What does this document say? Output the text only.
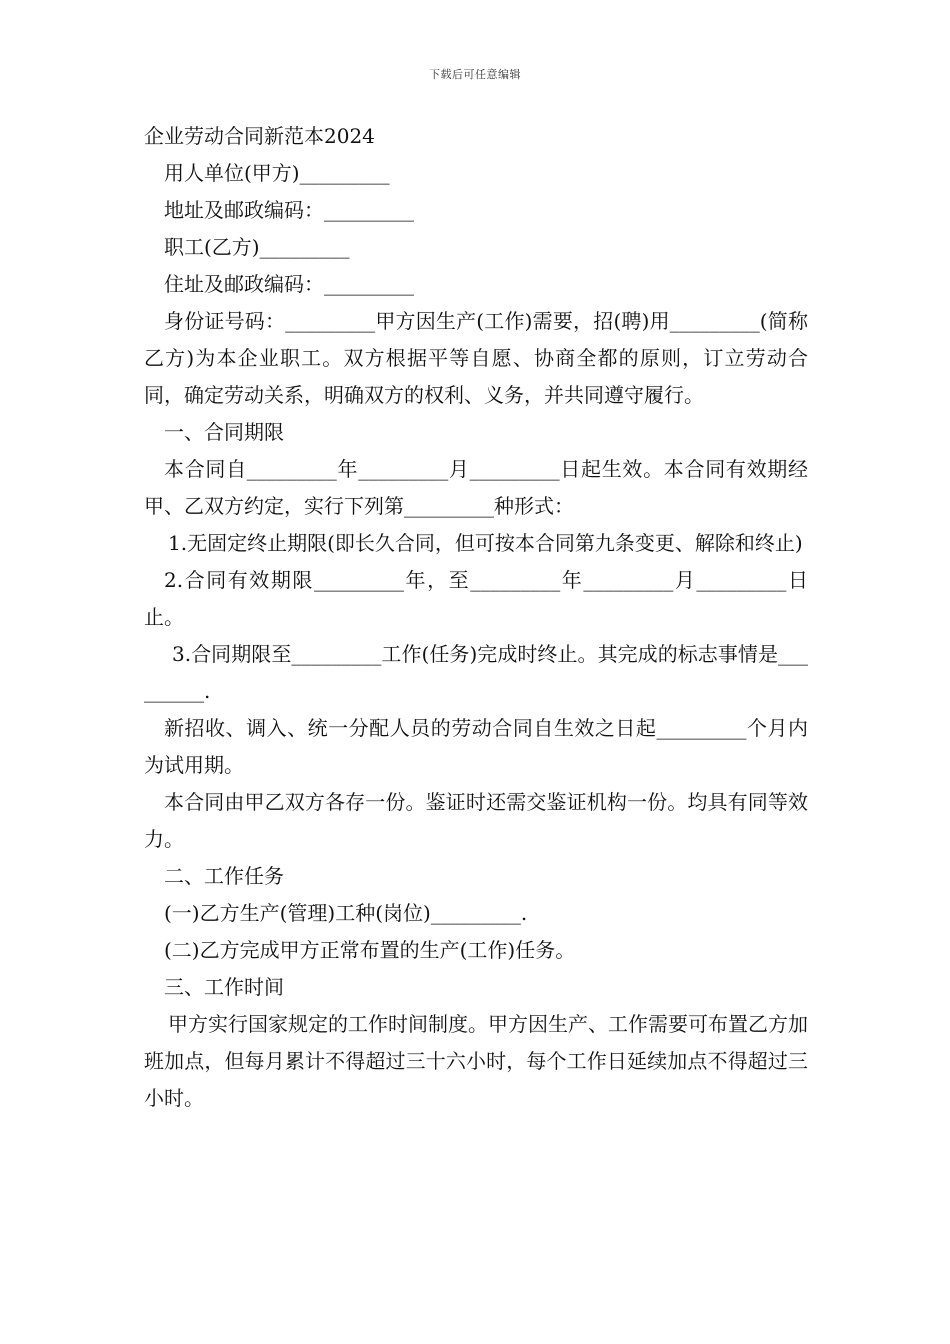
下载后可任意编辑
企业劳动合同新范本2024

用人单位(甲方)_________

地址及邮政编码：_________

职工(乙方)_________

住址及邮政编码：_________

身份证号码：_________甲方因生产(工作)需要，招(聘)用_________(简称乙方)为本企业职工。双方根据平等自愿、协商全都的原则，订立劳动合同，确定劳动关系，明确双方的权利、义务，并共同遵守履行。

一、合同期限

本合同自_________年_________月_________日起生效。本合同有效期经甲、乙双方约定，实行下列第_________种形式：

1.无固定终止期限(即长久合同，但可按本合同第九条变更、解除和终止)

2.合同有效期限_________年，至_________年_________月_________日止。

3.合同期限至_________工作(任务)完成时终止。其完成的标志事情是_________.

新招收、调入、统一分配人员的劳动合同自生效之日起_________个月内为试用期。

本合同由甲乙双方各存一份。鉴证时还需交鉴证机构一份。均具有同等效力。

二、工作任务

(一)乙方生产(管理)工种(岗位)_________.

(二)乙方完成甲方正常布置的生产(工作)任务。

三、工作时间

甲方实行国家规定的工作时间制度。甲方因生产、工作需要可布置乙方加班加点，但每月累计不得超过三十六小时，每个工作日延续加点不得超过三小时。
